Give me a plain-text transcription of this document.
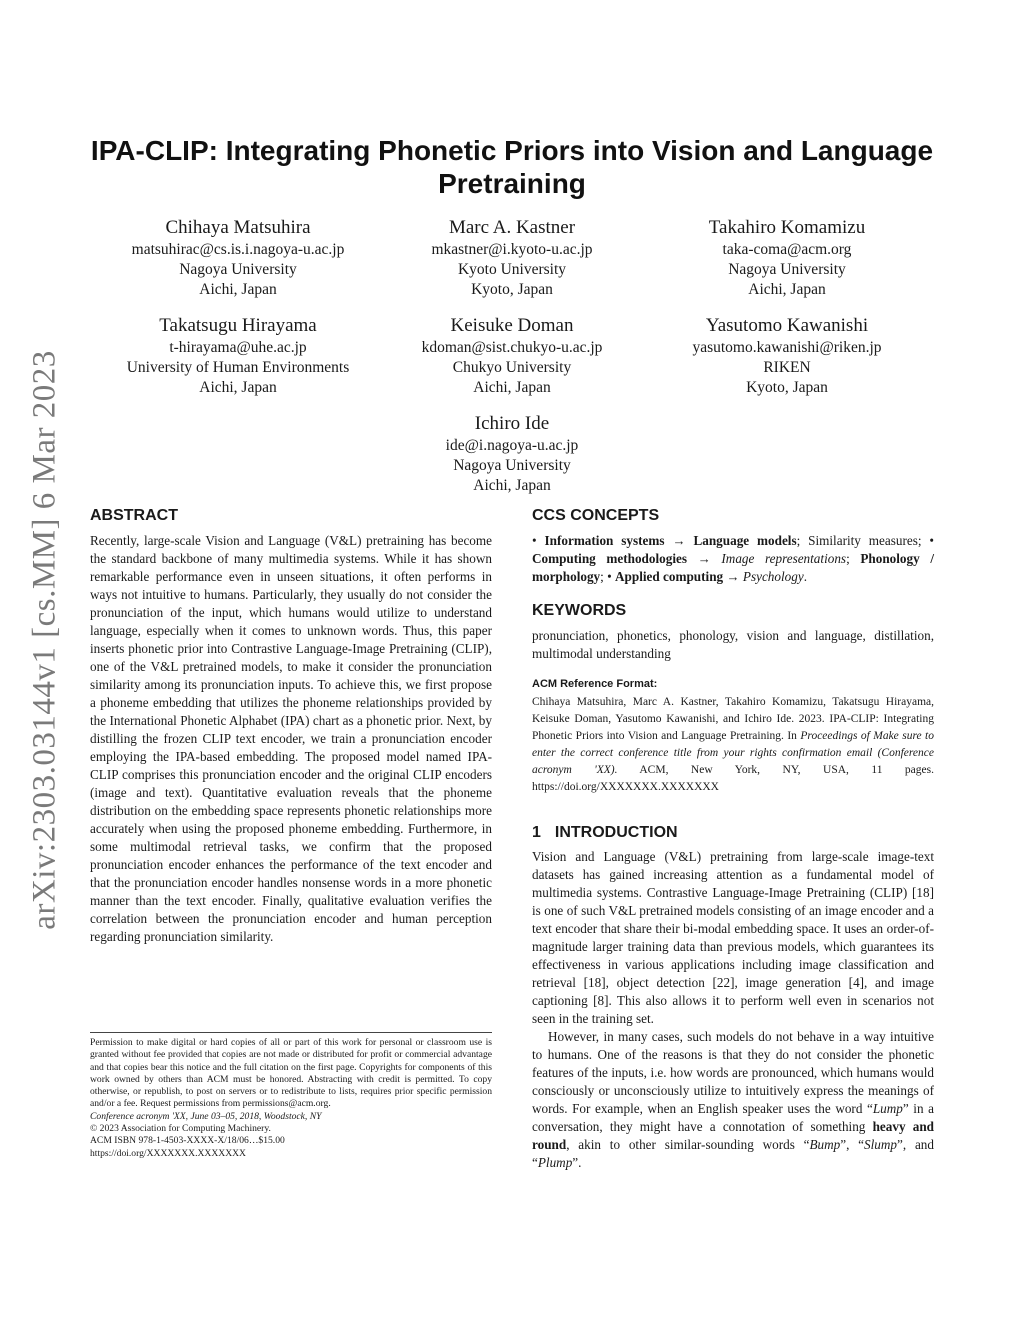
arXiv:2303.03144v1 [cs.MM] 6 Mar 2023
IPA-CLIP: Integrating Phonetic Priors into Vision and Language Pretraining
Chihaya Matsuhira
matsuhirac@cs.is.i.nagoya-u.ac.jp
Nagoya University
Aichi, Japan
Marc A. Kastner
mkastner@i.kyoto-u.ac.jp
Kyoto University
Kyoto, Japan
Takahiro Komamizu
taka-coma@acm.org
Nagoya University
Aichi, Japan
Takatsugu Hirayama
t-hirayama@uhe.ac.jp
University of Human Environments
Aichi, Japan
Keisuke Doman
kdoman@sist.chukyo-u.ac.jp
Chukyo University
Aichi, Japan
Yasutomo Kawanishi
yasutomo.kawanishi@riken.jp
RIKEN
Kyoto, Japan
Ichiro Ide
ide@i.nagoya-u.ac.jp
Nagoya University
Aichi, Japan
ABSTRACT

Recently, large-scale Vision and Language (V&L) pretraining has become the standard backbone of many multimedia systems. While it has shown remarkable performance even in unseen situations, it often performs in ways not intuitive to humans. Particularly, they usually do not consider the pronunciation of the input, which humans would utilize to understand language, especially when it comes to unknown words. Thus, this paper inserts phonetic prior into Contrastive Language-Image Pretraining (CLIP), one of the V&L pretrained models, to make it consider the pronunciation similarity among its pronunciation inputs. To achieve this, we first propose a phoneme embedding that utilizes the phoneme relationships provided by the International Phonetic Alphabet (IPA) chart as a phonetic prior. Next, by distilling the frozen CLIP text encoder, we train a pronunciation encoder employing the IPA-based embedding. The proposed model named IPA-CLIP comprises this pronunciation encoder and the original CLIP encoders (image and text). Quantitative evaluation reveals that the phoneme distribution on the embedding space represents phonetic relationships more accurately when using the proposed phoneme embedding. Furthermore, in some multimodal retrieval tasks, we confirm that the proposed pronunciation encoder enhances the performance of the text encoder and that the pronunciation encoder handles nonsense words in a more phonetic manner than the text encoder. Finally, qualitative evaluation verifies the correlation between the pronunciation encoder and human perception regarding pronunciation similarity.

Permission to make digital or hard copies of all or part of this work for personal or classroom use is granted without fee provided that copies are not made or distributed for profit or commercial advantage and that copies bear this notice and the full citation on the first page. Copyrights for components of this work owned by others than ACM must be honored. Abstracting with credit is permitted. To copy otherwise, or republish, to post on servers or to redistribute to lists, requires prior specific permission and/or a fee. Request permissions from permissions@acm.org.

Conference acronym 'XX, June 03–05, 2018, Woodstock, NY

© 2023 Association for Computing Machinery.

ACM ISBN 978-1-4503-XXXX-X/18/06…$15.00

https://doi.org/XXXXXXX.XXXXXXX

CCS CONCEPTS

• Information systems → Language models; Similarity measures; • Computing methodologies → Image representations; Phonology / morphology; • Applied computing → Psychology.

KEYWORDS

pronunciation, phonetics, phonology, vision and language, distillation, multimodal understanding

ACM Reference Format:

Chihaya Matsuhira, Marc A. Kastner, Takahiro Komamizu, Takatsugu Hirayama, Keisuke Doman, Yasutomo Kawanishi, and Ichiro Ide. 2023. IPA-CLIP: Integrating Phonetic Priors into Vision and Language Pretraining. In Proceedings of Make sure to enter the correct conference title from your rights confirmation email (Conference acronym 'XX). ACM, New York, NY, USA, 11 pages. https://doi.org/XXXXXXX.XXXXXXX

1 INTRODUCTION

Vision and Language (V&L) pretraining from large-scale image-text datasets has gained increasing attention as a fundamental model of multimedia systems. Contrastive Language-Image Pretraining (CLIP) [18] is one of such V&L pretrained models consisting of an image encoder and a text encoder that share their bi-modal embedding space. It uses an order-of-magnitude larger training data than previous models, which guarantees its effectiveness in various applications including image classification and retrieval [18], object detection [22], image generation [4], and image captioning [8]. This also allows it to perform well even in scenarios not seen in the training set.

However, in many cases, such models do not behave in a way intuitive to humans. One of the reasons is that they do not consider the phonetic features of the inputs, i.e. how words are pronounced, which humans would consciously or unconsciously utilize to intuitively express the meanings of words. For example, when an English speaker uses the word “Lump” in a conversation, they might have a connotation of something heavy and round, akin to other similar-sounding words “Bump”, “Slump”, and “Plump”.
